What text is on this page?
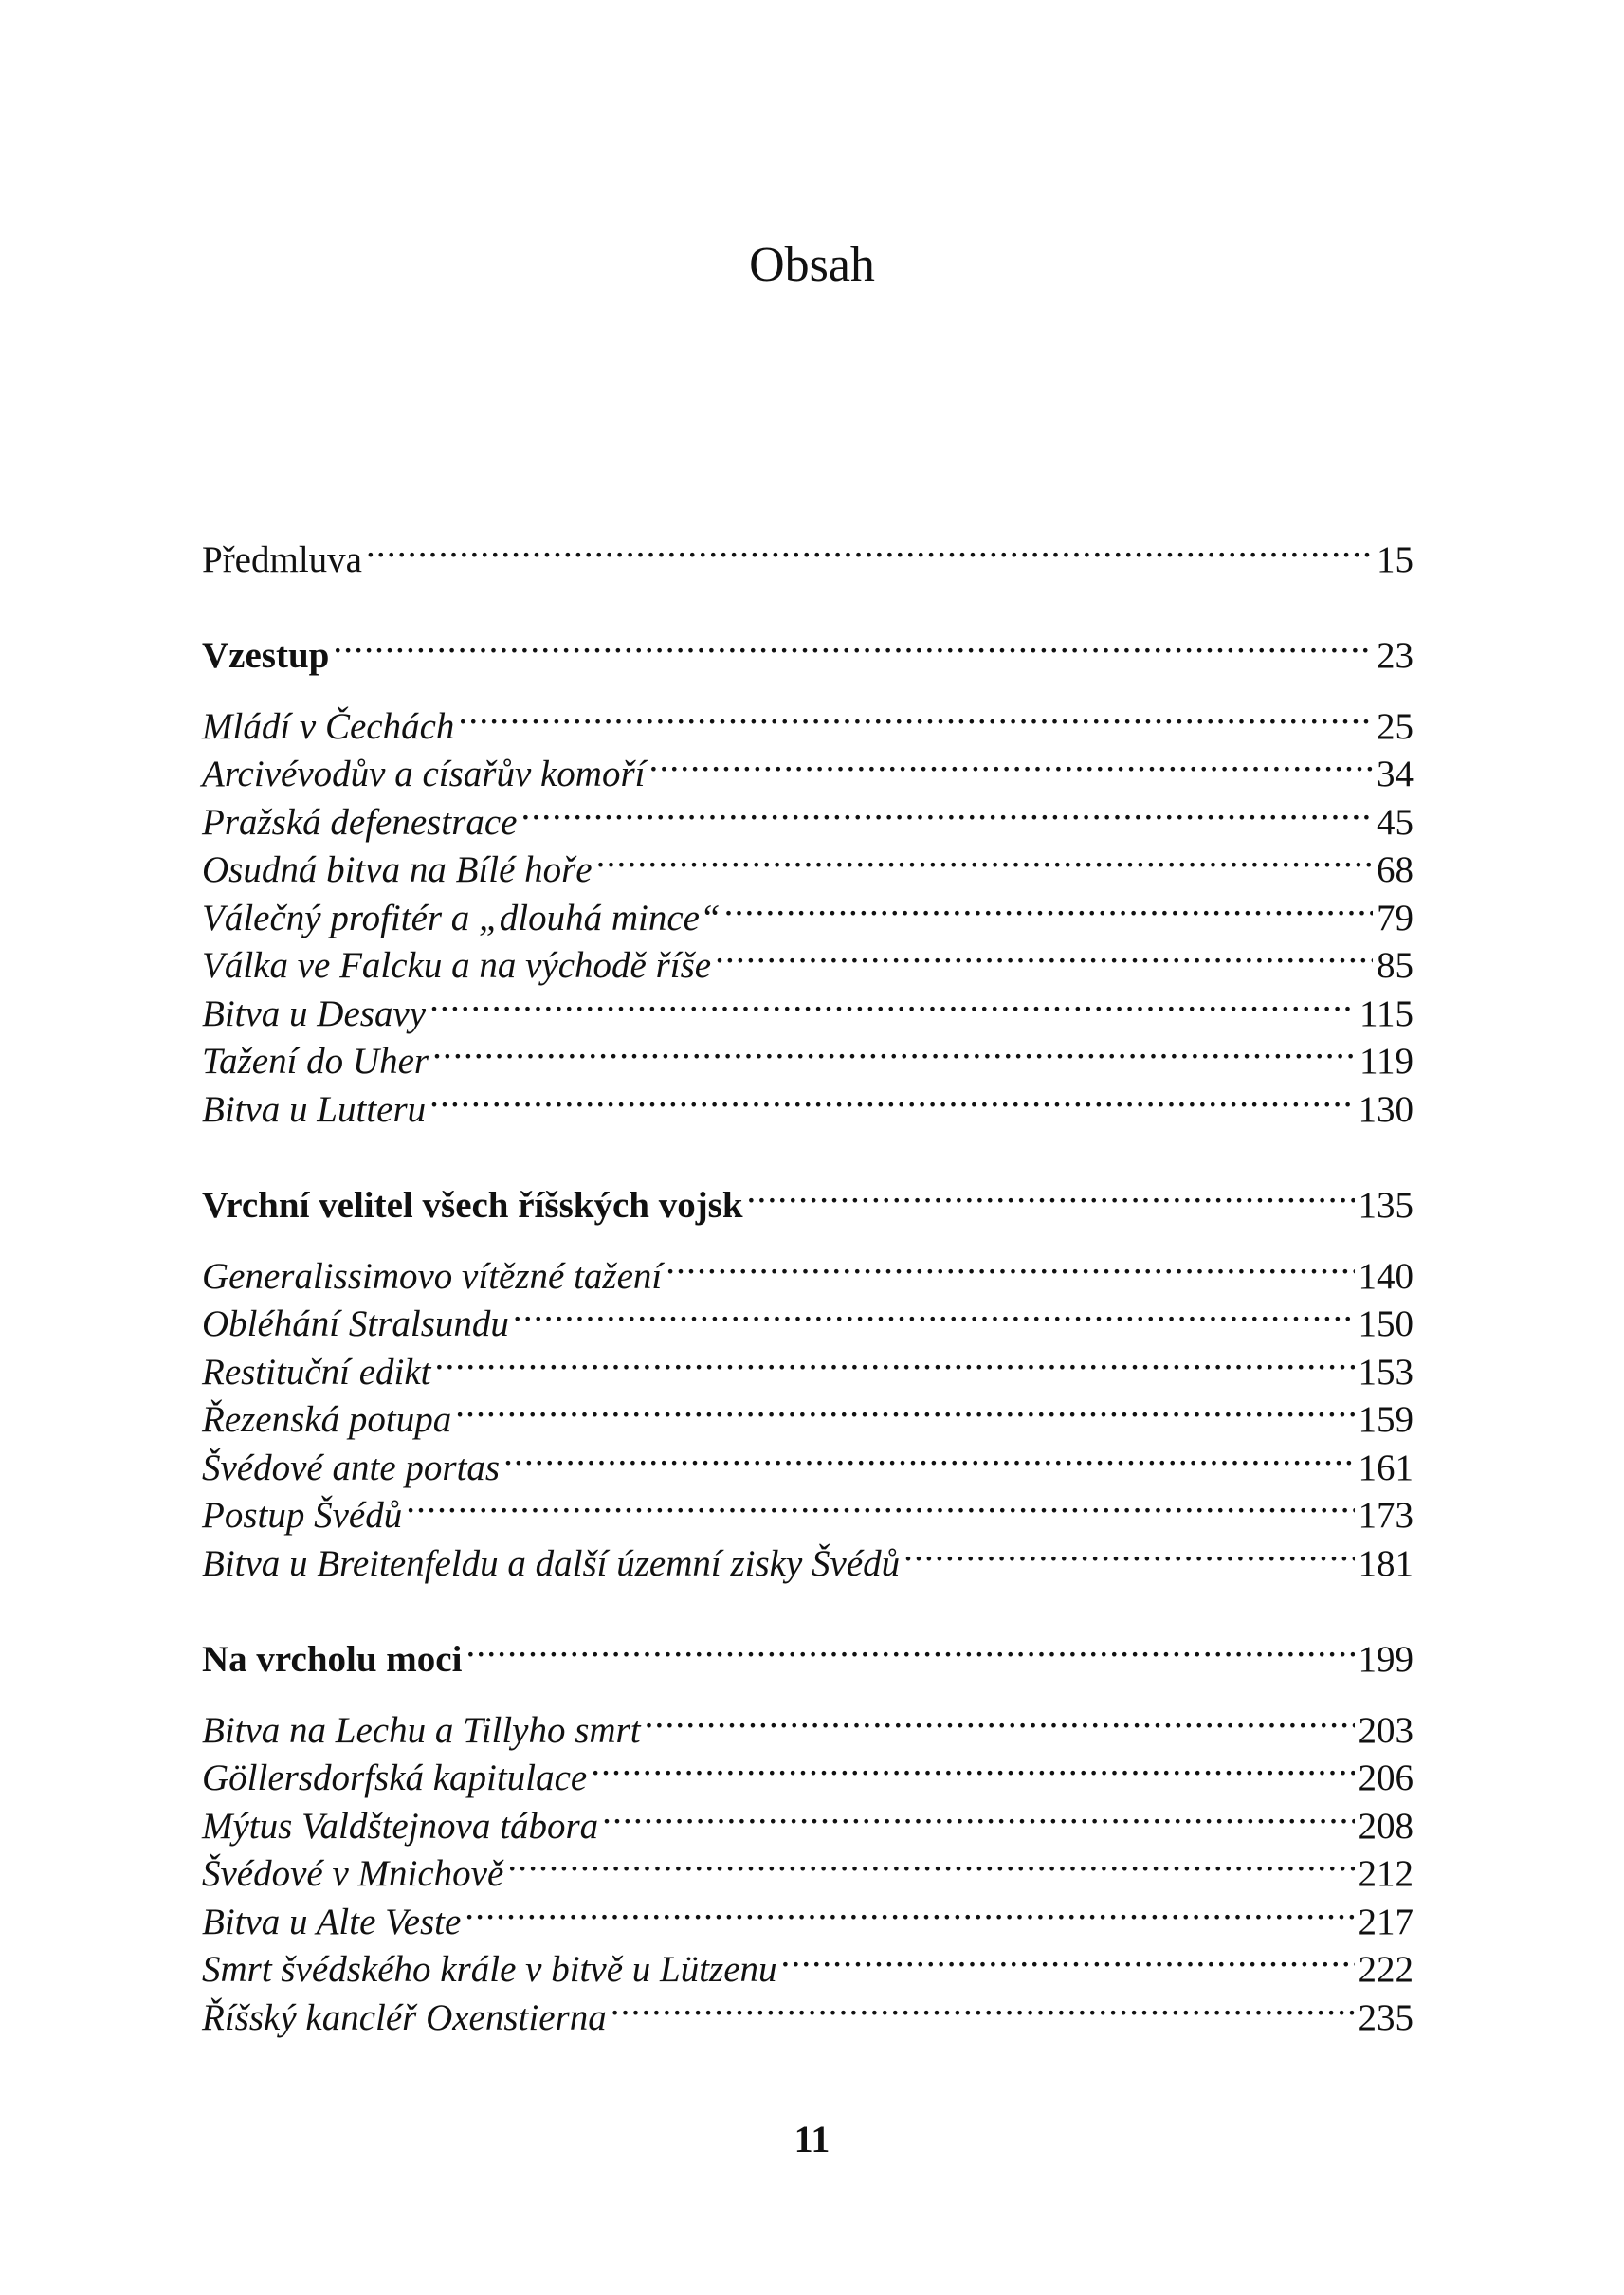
Obsah
Předmluva .....	15
Vzestup .....	23
Mládí v Čechách .....	25
Arcivévodův a císařův komoří .....	34
Pražská defenestrace .....	45
Osudná bitva na Bílé hoře .....	68
Válečný profitér a „dlouhá mince“ .....	79
Válka ve Falcku a na východě říše .....	85
Bitva u Desavy .....	115
Tažení do Uher .....	119
Bitva u Lutteru .....	130
Vrchní velitel všech říšských vojsk .....	135
Generalissimovo vítězné tažení .....	140
Obléhání Stralsundu .....	150
Restituční edikt .....	153
Řezenská potupa .....	159
Švédové ante portas .....	161
Postup Švédů .....	173
Bitva u Breitenfeldu a další územní zisky Švédů .....	181
Na vrcholu moci .....	199
Bitva na Lechu a Tillyho smrt .....	203
Göllersdorfská kapitulace .....	206
Mýtus Valdštejnova tábora .....	208
Švédové v Mnichově .....	212
Bitva u Alte Veste .....	217
Smrt švédského krále v bitvě u Lützenu .....	222
Říšský kancléř Oxenstierna .....	235
11
